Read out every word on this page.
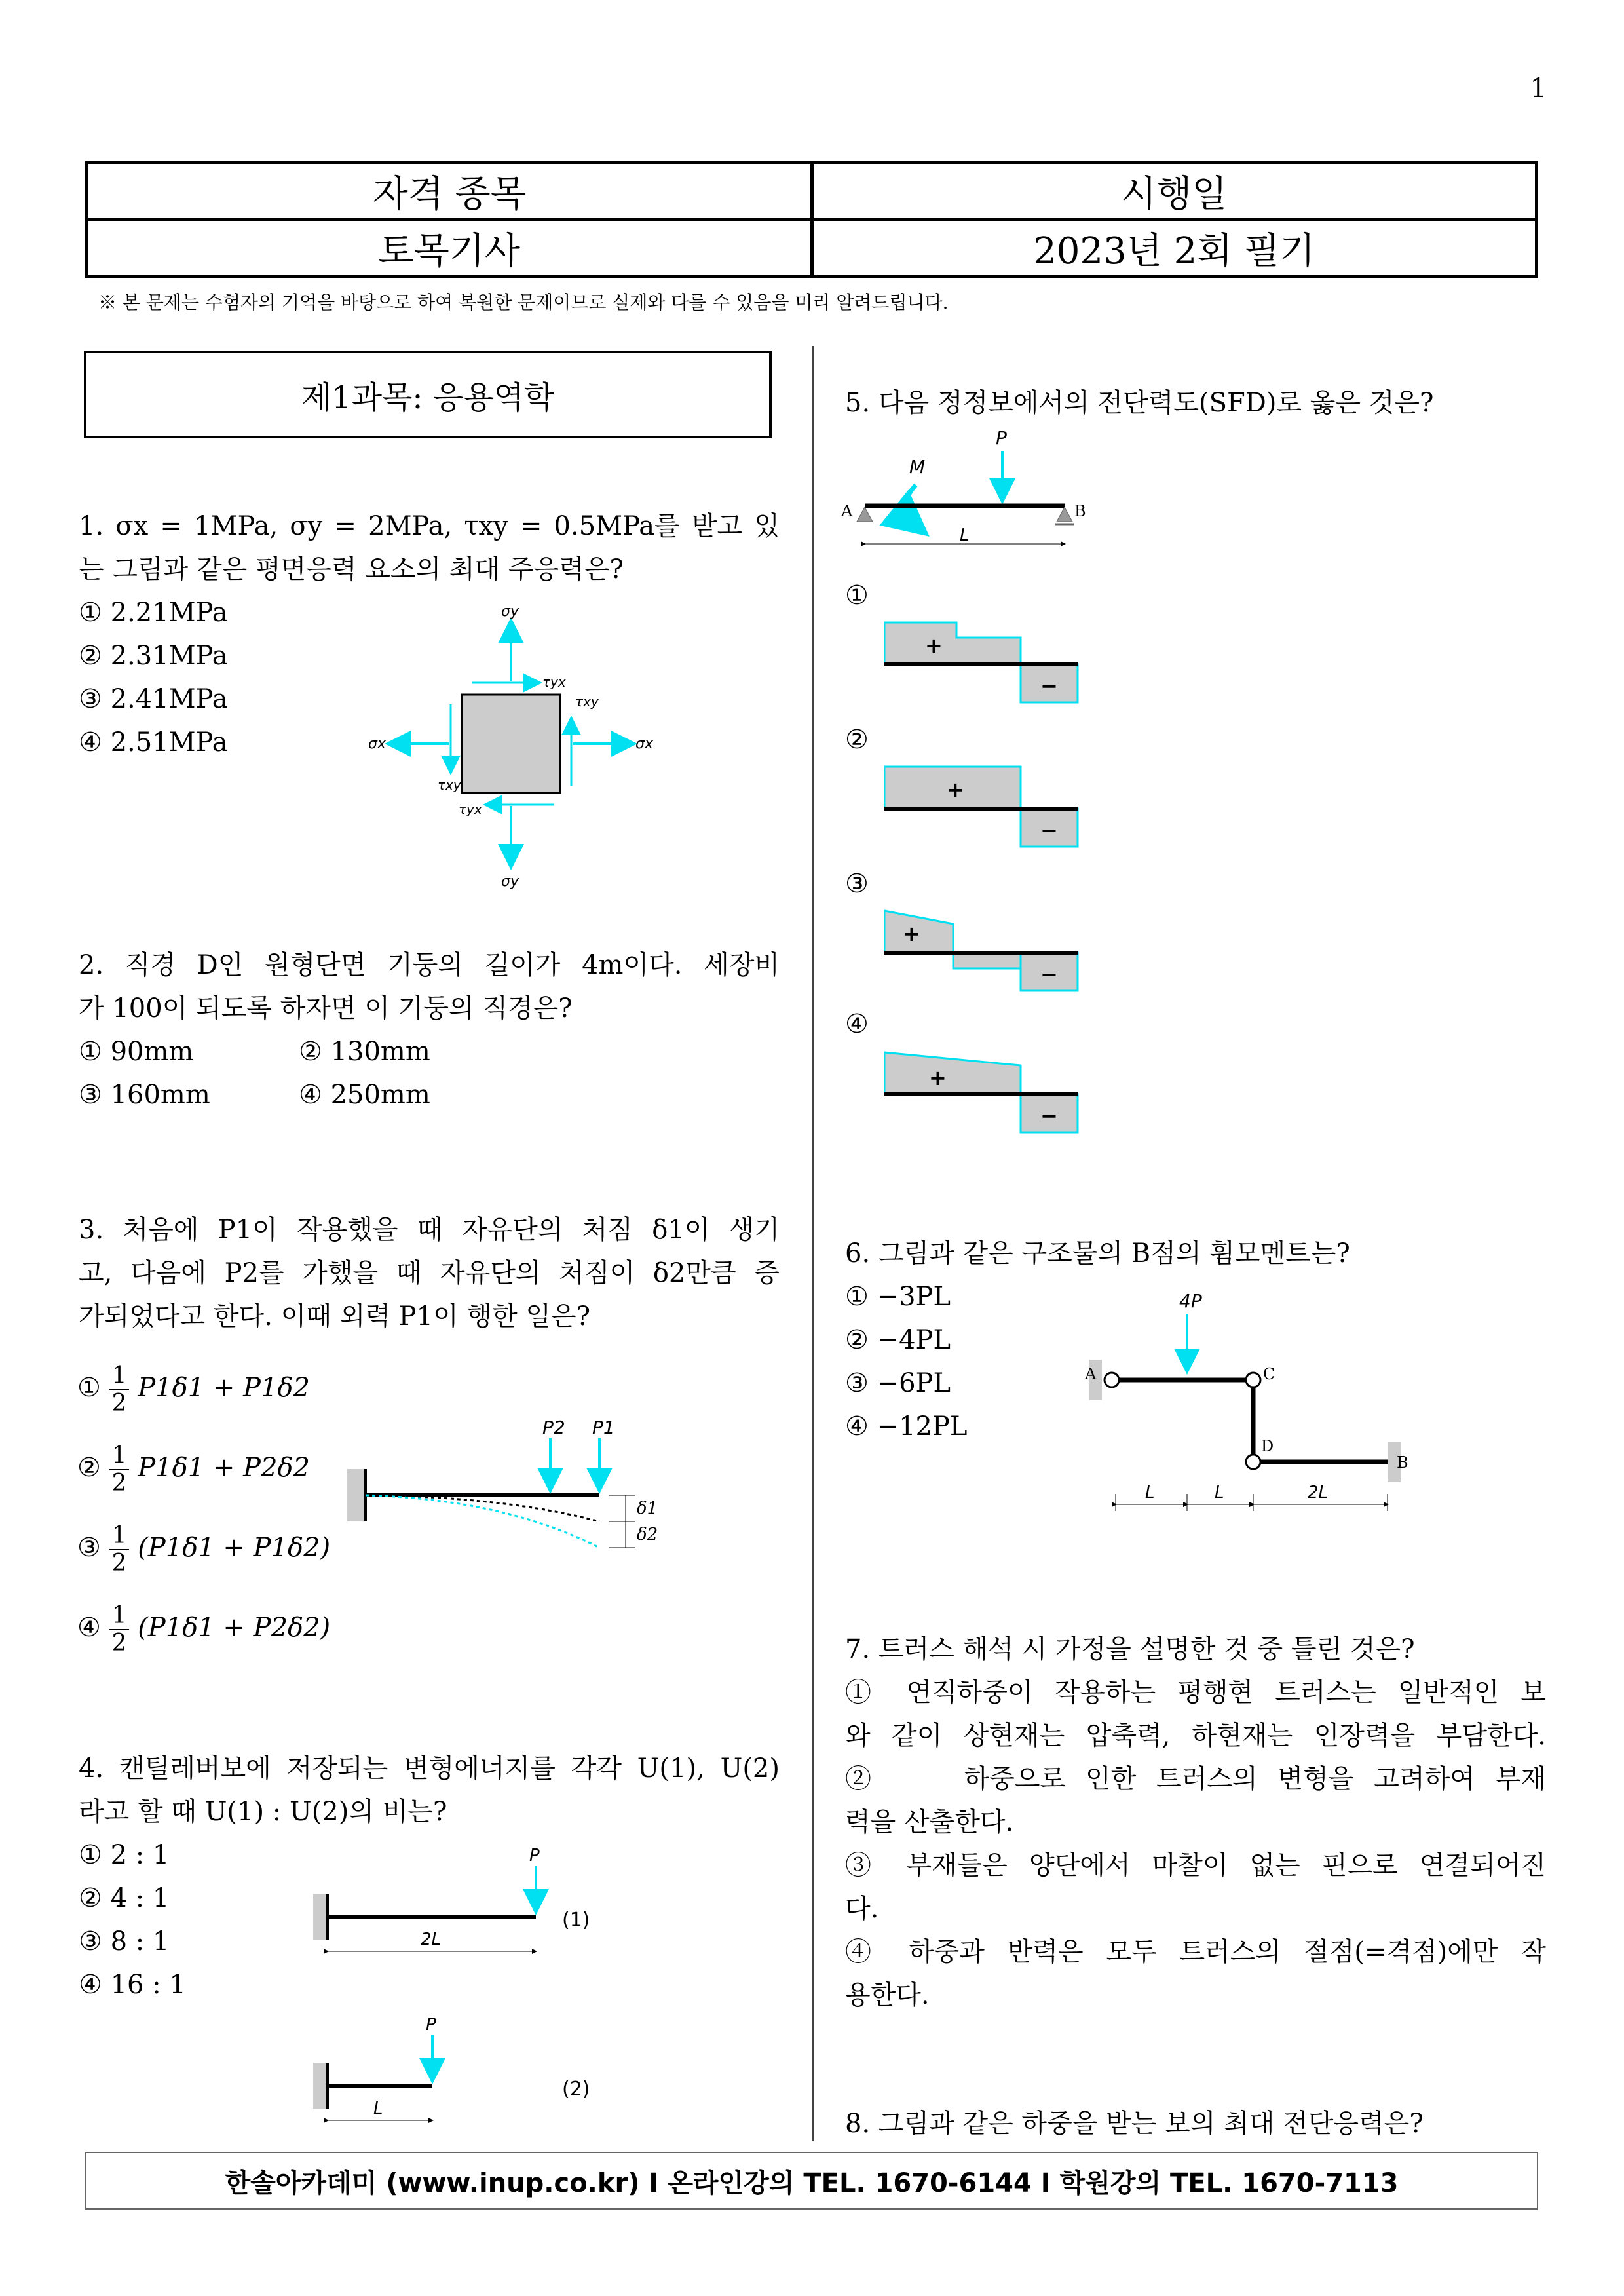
1
자격 종목	시행일
토목기사	2023년 2회 필기
※ 본 문제는 수험자의 기억을 바탕으로 하여 복원한 문제이므로 실제와 다를 수 있음을 미리 알려드립니다.
제1과목: 응용역학
1. σx = 1MPa, σy = 2MPa, τxy = 0.5MPa를 받고 있
는 그림과 같은 평면응력 요소의 최대 주응력은?
① 2.21MPa
② 2.31MPa
③ 2.41MPa
④ 2.51MPa
σy
σy
σx
σx
τyx
τxy
τxy
τyx
2. 직경 D인 원형단면 기둥의 길이가 4m이다. 세장비
가 100이 되도록 하자면 이 기둥의 직경은?
① 90mm	② 130mm
③ 160mm	④ 250mm
3. 처음에 P1이 작용했을 때 자유단의 처짐 δ1이 생기
고, 다음에 P2를 가했을 때 자유단의 처짐이 δ2만큼 증
가되었다고 한다. 이때 외력 P1이 행한 일은?
① $\frac{1}{2} P1\delta 1 + P1\delta 2$
② $\frac{1}{2} P1\delta 1 + P2\delta 2$
③ $\frac{1}{2} (P1\delta 1 + P1\delta 2)$
④ $\frac{1}{2} (P1\delta 1 + P2\delta 2)$
P2 P1
δ1
δ2
4. 캔틸레버보에 저장되는 변형에너지를 각각 U(1), U(2)
라고 할 때 U(1) : U(2)의 비는?
① 2 : 1
② 4 : 1
③ 8 : 1
④ 16 : 1
P
(1)
2L
P
(2)
L
5. 다음 정정보에서의 전단력도(SFD)로 옳은 것은?
P
M
A	B
L
①
+
−
②
+
−
③
+
−
④
+
−
6. 그림과 같은 구조물의 B점의 휨모멘트는?
① −3PL
② −4PL
③ −6PL
④ −12PL
4P
A	C
D
B
L	L	2L
7. 트러스 해석 시 가정을 설명한 것 중 틀린 것은?
① 연직하중이 작용하는 평행현 트러스는 일반적인 보
와 같이 상현재는 압축력, 하현재는 인장력을 부담한다.
②    하중으로 인한 트러스의 변형을 고려하여 부재
력을 산출한다.
③ 부재들은 양단에서 마찰이 없는 핀으로 연결되어진
다.
④ 하중과 반력은 모두 트러스의 절점(=격점)에만 작
용한다.
8. 그림과 같은 하중을 받는 보의 최대 전단응력은?
한솔아카데미 (www.inup.co.kr) I 온라인강의 TEL. 1670-6144 I 학원강의 TEL. 1670-7113
